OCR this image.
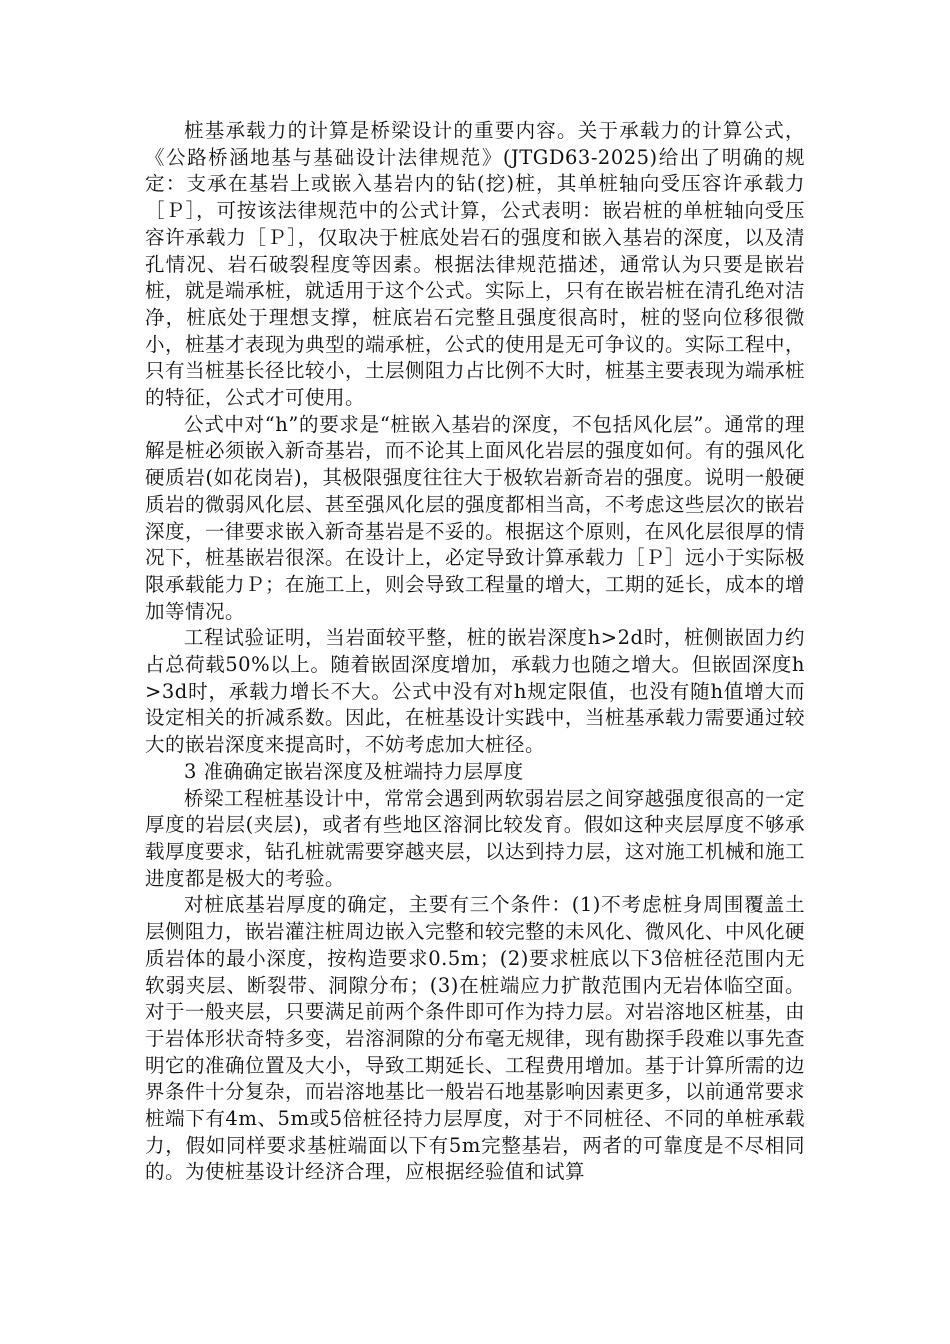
桩基承载力的计算是桥梁设计的重要内容。关于承载力的计算公式，《公路桥涵地基与基础设计法律规范》(JTGD63-2025)给出了明确的规定：支承在基岩上或嵌入基岩内的钻(挖)桩，其单桩轴向受压容许承载力［Ｐ］，可按该法律规范中的公式计算，公式表明：嵌岩桩的单桩轴向受压容许承载力［Ｐ］，仅取决于桩底处岩石的强度和嵌入基岩的深度，以及清孔情况、岩石破裂程度等因素。根据法律规范描述，通常认为只要是嵌岩桩，就是端承桩，就适用于这个公式。实际上，只有在嵌岩桩在清孔绝对洁净，桩底处于理想支撑，桩底岩石完整且强度很高时，桩的竖向位移很微小，桩基才表现为典型的端承桩，公式的使用是无可争议的。实际工程中，只有当桩基长径比较小，土层侧阻力占比例不大时，桩基主要表现为端承桩的特征，公式才可使用。

公式中对“h”的要求是“桩嵌入基岩的深度，不包括风化层”。通常的理解是桩必须嵌入新奇基岩，而不论其上面风化岩层的强度如何。有的强风化硬质岩(如花岗岩)，其极限强度往往大于极软岩新奇岩的强度。说明一般硬质岩的微弱风化层、甚至强风化层的强度都相当高，不考虑这些层次的嵌岩深度，一律要求嵌入新奇基岩是不妥的。根据这个原则，在风化层很厚的情况下，桩基嵌岩很深。在设计上，必定导致计算承载力［Ｐ］远小于实际极限承载能力Ｐ；在施工上，则会导致工程量的增大，工期的延长，成本的增加等情况。

工程试验证明，当岩面较平整，桩的嵌岩深度h>2d时，桩侧嵌固力约占总荷载50%以上。随着嵌固深度增加，承载力也随之增大。但嵌固深度h>3d时，承载力增长不大。公式中没有对h规定限值，也没有随h值增大而设定相关的折减系数。因此，在桩基设计实践中，当桩基承载力需要通过较大的嵌岩深度来提高时，不妨考虑加大桩径。

3 准确确定嵌岩深度及桩端持力层厚度

桥梁工程桩基设计中，常常会遇到两软弱岩层之间穿越强度很高的一定厚度的岩层(夹层)，或者有些地区溶洞比较发育。假如这种夹层厚度不够承载厚度要求，钻孔桩就需要穿越夹层，以达到持力层，这对施工机械和施工进度都是极大的考验。

对桩底基岩厚度的确定，主要有三个条件：(1)不考虑桩身周围覆盖土层侧阻力，嵌岩灌注桩周边嵌入完整和较完整的未风化、微风化、中风化硬质岩体的最小深度，按构造要求0.5m；(2)要求桩底以下3倍桩径范围内无软弱夹层、断裂带、洞隙分布；(3)在桩端应力扩散范围内无岩体临空面。对于一般夹层，只要满足前两个条件即可作为持力层。对岩溶地区桩基，由于岩体形状奇特多变，岩溶洞隙的分布毫无规律，现有勘探手段难以事先查明它的准确位置及大小，导致工期延长、工程费用增加。基于计算所需的边界条件十分复杂，而岩溶地基比一般岩石地基影响因素更多，以前通常要求桩端下有4m、5m或5倍桩径持力层厚度，对于不同桩径、不同的单桩承载力，假如同样要求基桩端面以下有5m完整基岩，两者的可靠度是不尽相同的。为使桩基设计经济合理，应根据经验值和试算
